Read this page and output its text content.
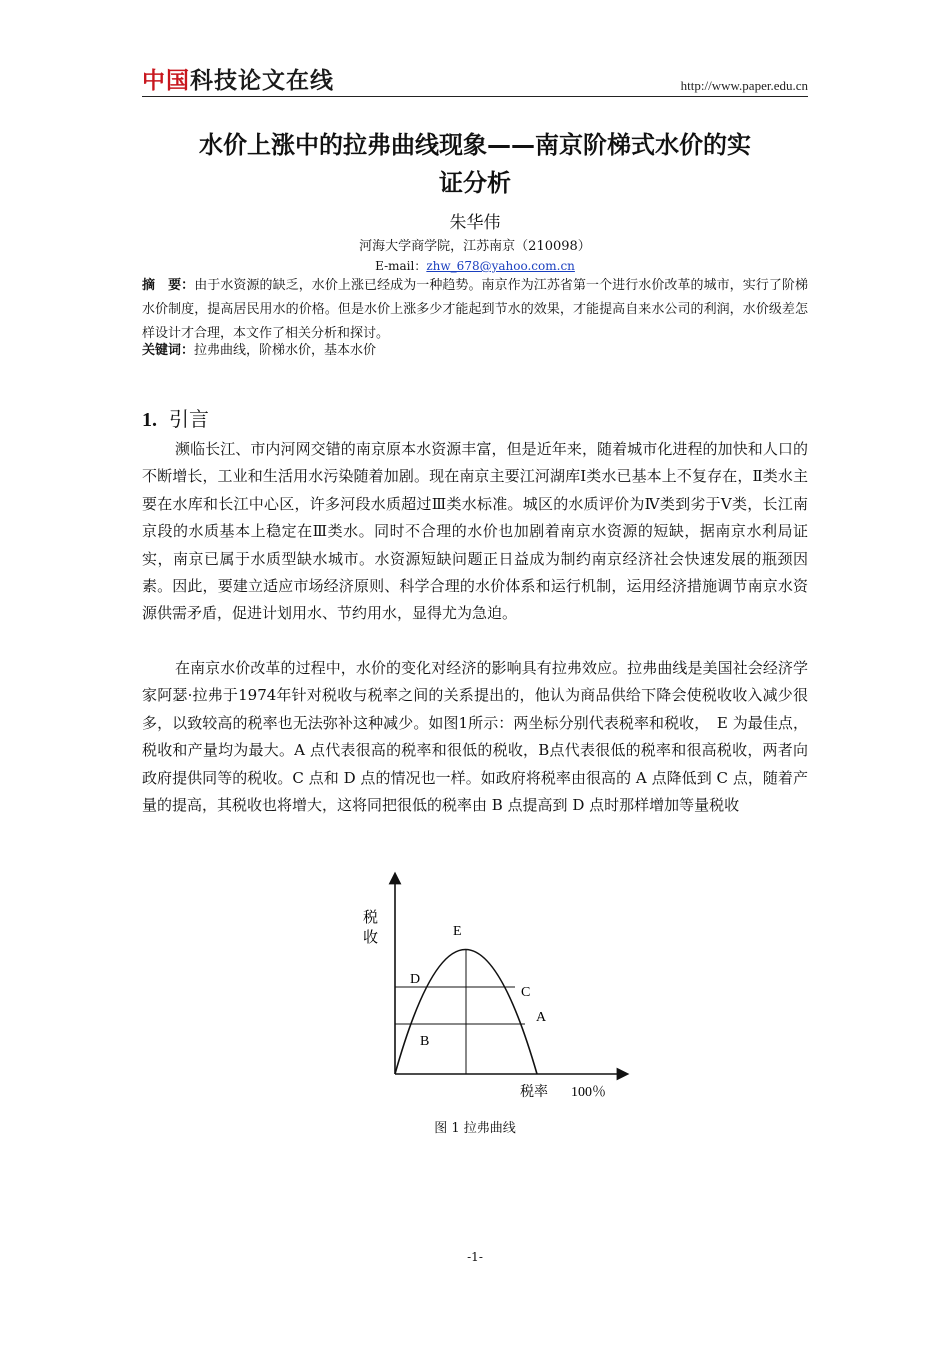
中国科技论文在线	http://www.paper.edu.cn
水价上涨中的拉弗曲线现象——南京阶梯式水价的实
证分析
朱华伟
河海大学商学院，江苏南京（210098）
E-mail：zhw_678@yahoo.com.cn
摘　要：由于水资源的缺乏，水价上涨已经成为一种趋势。南京作为江苏省第一个进行水价改革的城市，实行了阶梯水价制度，提高居民用水的价格。但是水价上涨多少才能起到节水的效果，才能提高自来水公司的利润，水价级差怎样设计才合理，本文作了相关分析和探讨。
关键词：拉弗曲线，阶梯水价，基本水价
1. 引言
濒临长江、市内河网交错的南京原本水资源丰富，但是近年来，随着城市化进程的加快和人口的不断增长，工业和生活用水污染随着加剧。现在南京主要江河湖库Ⅰ类水已基本上不复存在，Ⅱ类水主要在水库和长江中心区，许多河段水质超过Ⅲ类水标准。城区的水质评价为Ⅳ类到劣于Ⅴ类，长江南京段的水质基本上稳定在Ⅲ类水。同时不合理的水价也加剧着南京水资源的短缺，据南京水利局证实，南京已属于水质型缺水城市。水资源短缺问题正日益成为制约南京经济社会快速发展的瓶颈因素。因此，要建立适应市场经济原则、科学合理的水价体系和运行机制，运用经济措施调节南京水资源供需矛盾，促进计划用水、节约用水，显得尤为急迫。
在南京水价改革的过程中，水价的变化对经济的影响具有拉弗效应。拉弗曲线是美国社会经济学家阿瑟·拉弗于1974年针对税收与税率之间的关系提出的，他认为商品供给下降会使税收收入减少很多，以致较高的税率也无法弥补这种减少。如图1所示：两坐标分别代表税率和税收，　E 为最佳点，税收和产量均为最大。A 点代表很高的税率和很低的税收，B点代表很低的税率和很高税收，两者向政府提供同等的税收。C 点和 D 点的情况也一样。如政府将税率由很高的 A 点降低到 C 点，随着产量的提高，其税收也将增大，这将同把很低的税率由 B 点提高到 D 点时那样增加等量税收
税
收	E
D
C
A
B
税率 100％
图 1 拉弗曲线
-1-
